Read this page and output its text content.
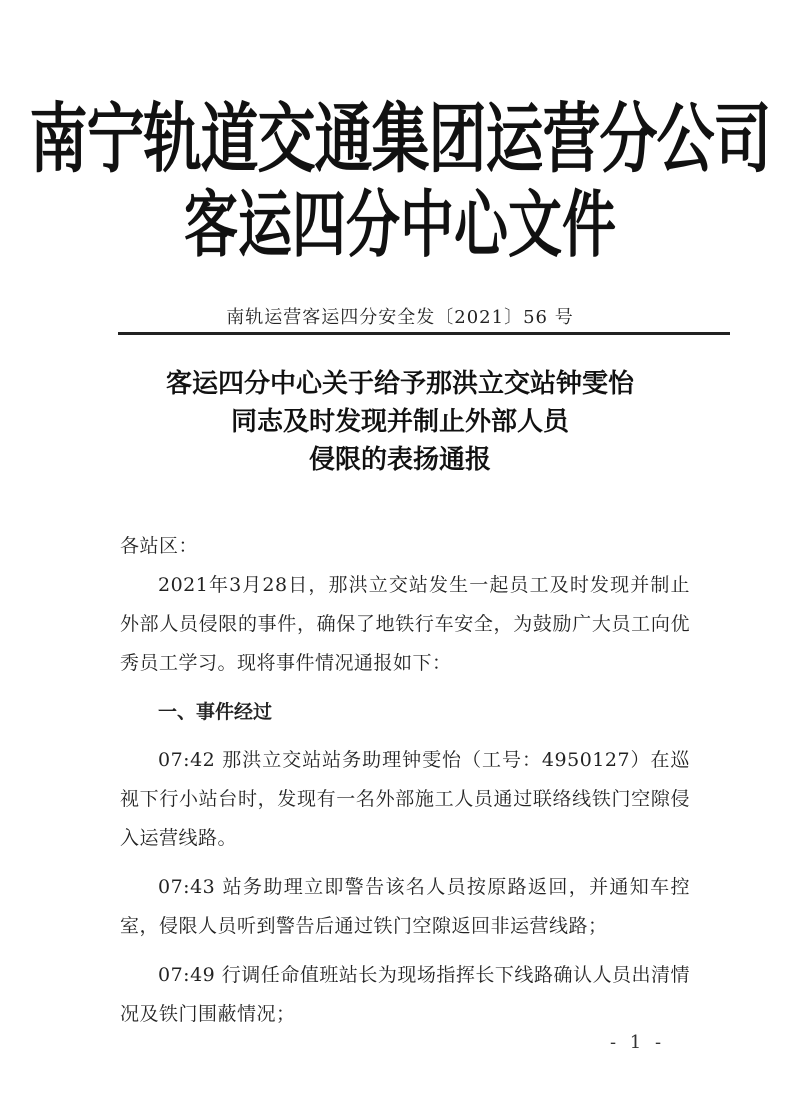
南宁轨道交通集团运营分公司
客运四分中心文件
南轨运营客运四分安全发〔2021〕56 号
客运四分中心关于给予那洪立交站钟雯怡
同志及时发现并制止外部人员
侵限的表扬通报

各站区：

2021年3月28日，那洪立交站发生一起员工及时发现并制止外部人员侵限的事件，确保了地铁行车安全，为鼓励广大员工向优秀员工学习。现将事件情况通报如下：

一、事件经过

07:42 那洪立交站站务助理钟雯怡（工号：4950127）在巡视下行小站台时，发现有一名外部施工人员通过联络线铁门空隙侵入运营线路。

07:43 站务助理立即警告该名人员按原路返回，并通知车控室，侵限人员听到警告后通过铁门空隙返回非运营线路；

07:49 行调任命值班站长为现场指挥长下线路确认人员出清情况及铁门围蔽情况；

- 1 -
